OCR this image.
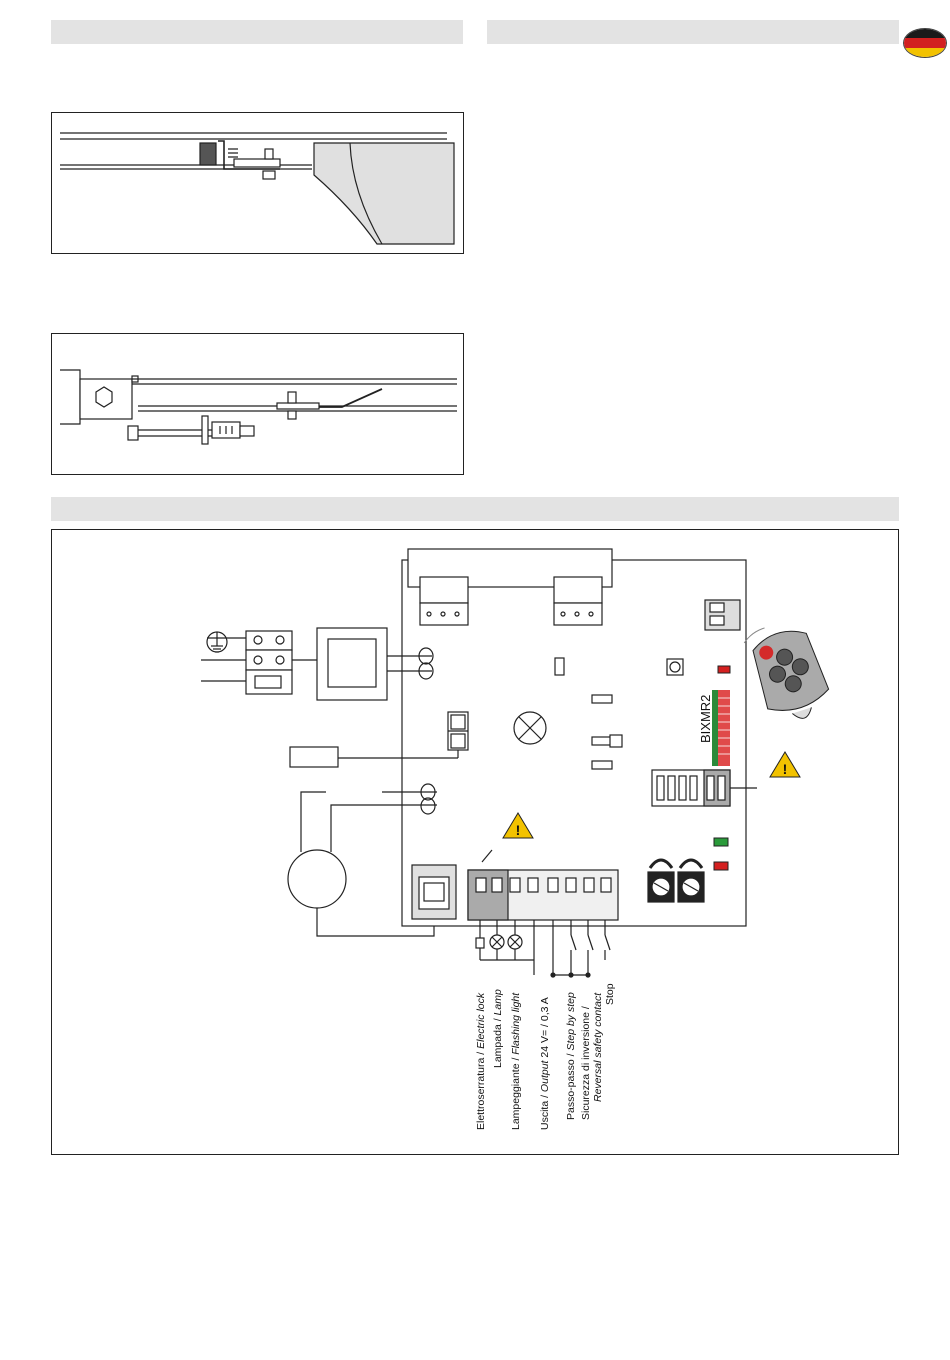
BIXMR2
!
!
Elettroserratura / Electric lock Lampada / Lamp
Lampeggiante / Flashing light
Uscita / Output 24 V= / 0,3 A
Passo-passo / Step by step Sicurezza di inversione / Reversal safety contact Stop
